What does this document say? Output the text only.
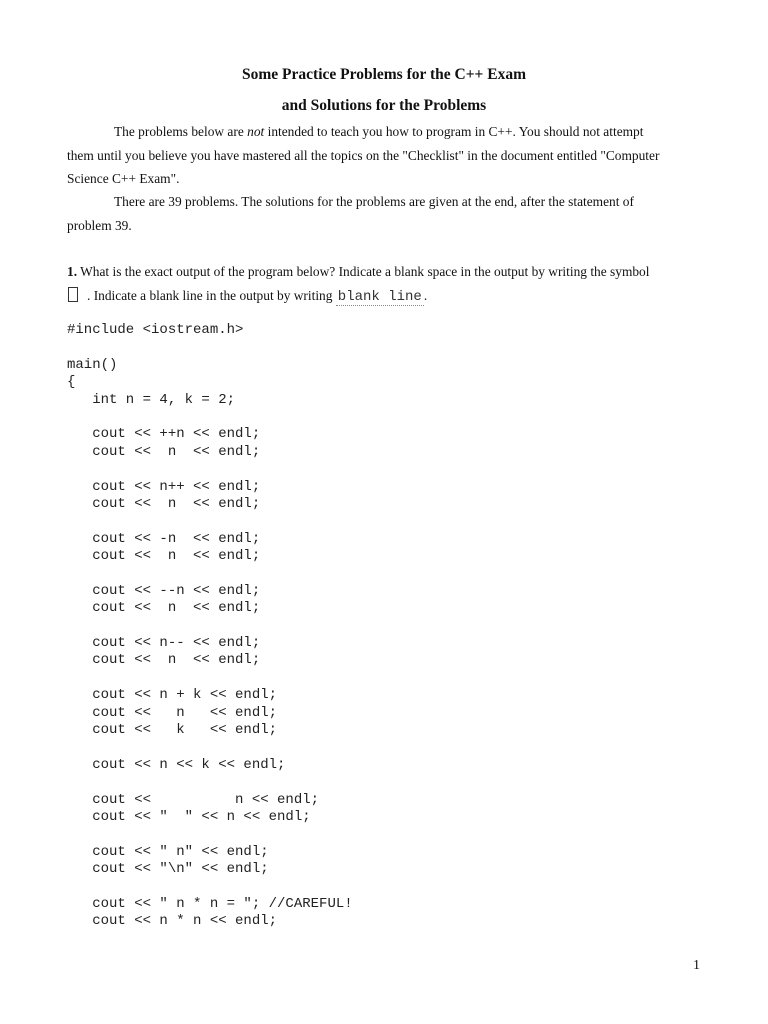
Some Practice Problems for the C++ Exam
and Solutions for the Problems
The problems below are not intended to teach you how to program in C++. You should not attempt
them until you believe you have mastered all the topics on the "Checklist" in the document entitled "Computer
Science C++ Exam".
There are 39 problems. The solutions for the problems are given at the end, after the statement of
problem 39.
1. What is the exact output of the program below? Indicate a blank space in the output by writing the symbol
. Indicate a blank line in the output by writing blank line .
#include <iostream.h>
main()
{
int n = 4, k = 2;
cout << ++n << endl;
cout <<  n  << endl;
cout << n++ << endl;
cout <<  n  << endl;
cout << -n  << endl;
cout <<  n  << endl;
cout << --n << endl;
cout <<  n  << endl;
cout << n-- << endl;
cout <<  n  << endl;
cout << n + k << endl;
cout <<   n   << endl;
cout <<   k   << endl;
cout << n << k << endl;
cout <<          n << endl;
cout << "  " << n << endl;
cout << " n" << endl;
cout << "\n" << endl;
cout << " n * n = "; //CAREFUL!
cout << n * n << endl;
1
